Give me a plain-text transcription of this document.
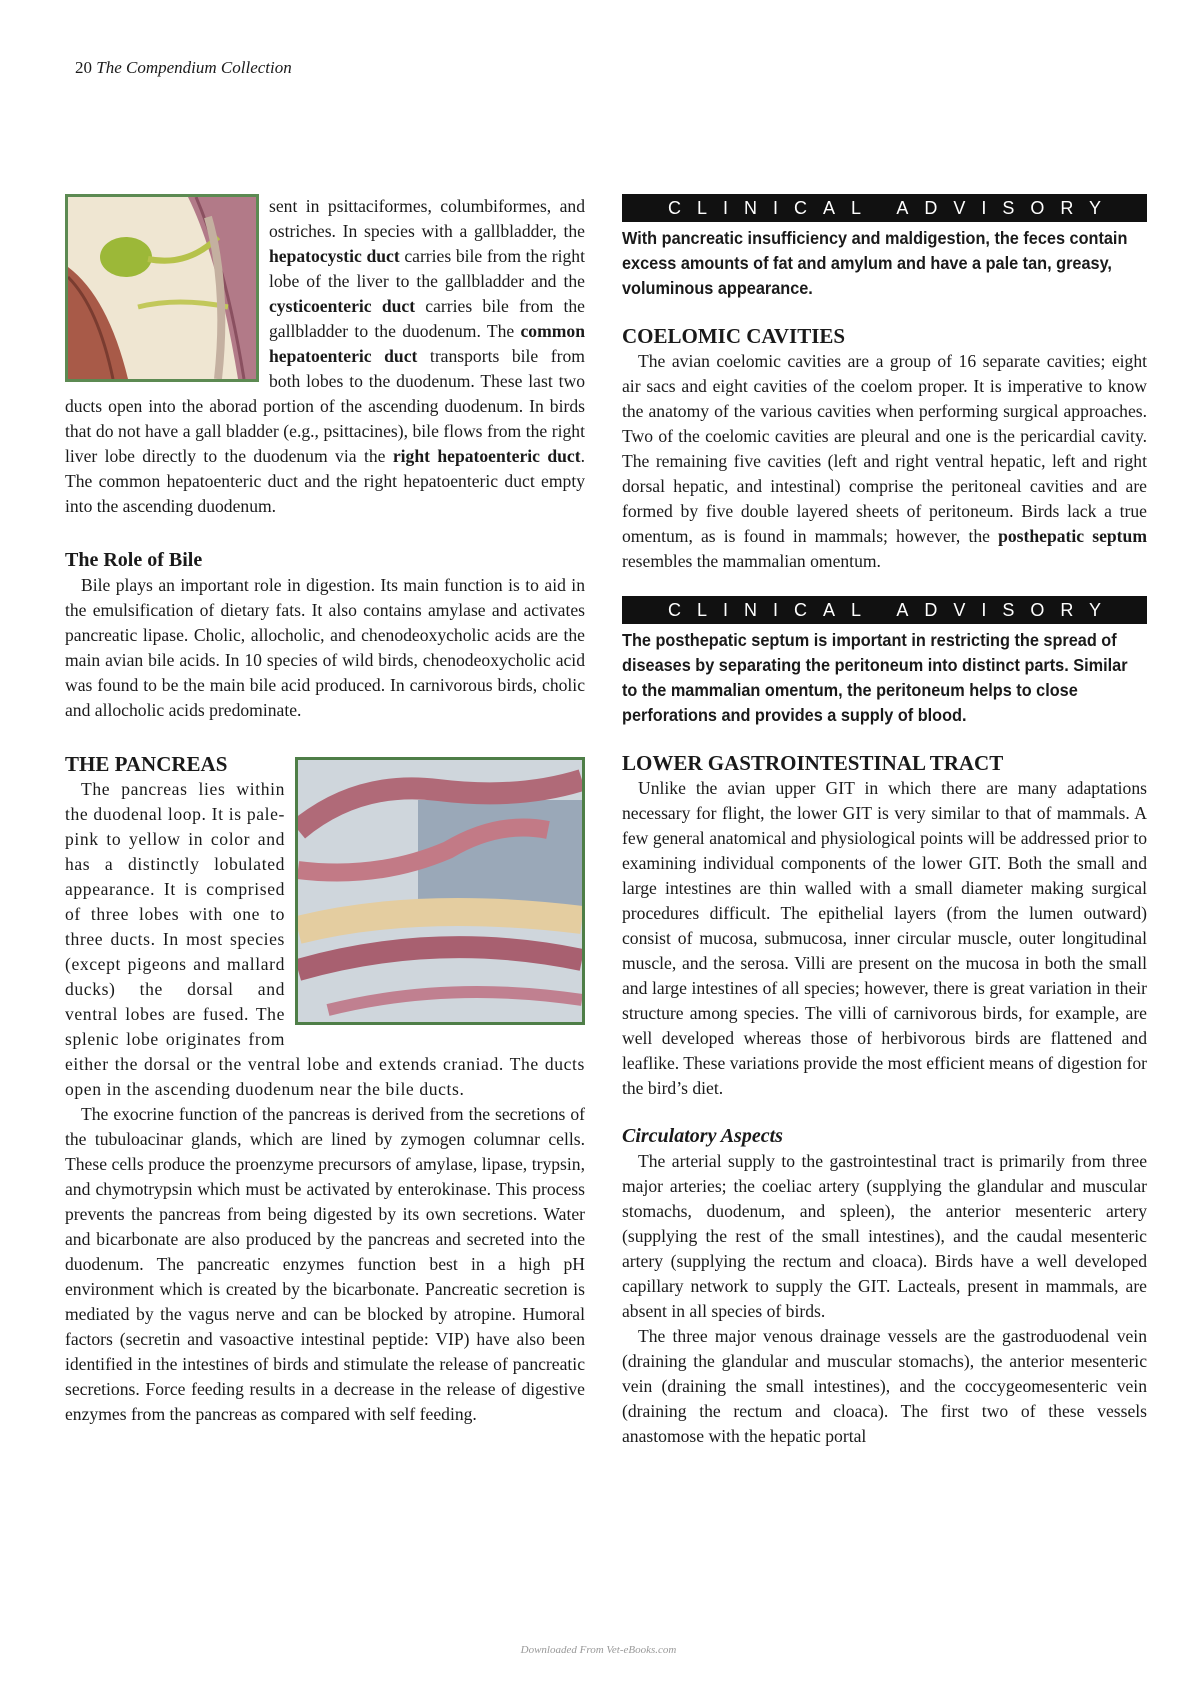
20 The Compendium Collection

sent in psittaciformes, columbiformes, and ostriches. In species with a gallbladder, the hepatocystic duct carries bile from the right lobe of the liver to the gallbladder and the cysticoenteric duct carries bile from the gallbladder to the duodenum. The common hepatoenteric duct transports bile from both lobes to the duodenum. These last two ducts open into the aborad portion of the ascending duodenum. In birds that do not have a gall bladder (e.g., psittacines), bile flows from the right liver lobe directly to the duodenum via the right hepatoenteric duct. The common hepatoenteric duct and the right hepatoenteric duct empty into the ascending duodenum.

The Role of Bile

Bile plays an important role in digestion. Its main function is to aid in the emulsification of dietary fats. It also contains amylase and activates pancreatic lipase. Cholic, allocholic, and chenodeoxycholic acids are the main avian bile acids. In 10 species of wild birds, chenodeoxycholic acid was found to be the main bile acid produced. In carnivorous birds, cholic and allocholic acids predominate.

THE PANCREAS

The pancreas lies within the duodenal loop. It is pale-pink to yellow in color and has a distinctly lobulated appearance. It is comprised of three lobes with one to three ducts. In most species (except pigeons and mallard ducks) the dorsal and ventral lobes are fused. The splenic lobe originates from either the dorsal or the ventral lobe and extends craniad. The ducts open in the ascending duodenum near the bile ducts.

The exocrine function of the pancreas is derived from the secretions of the tubuloacinar glands, which are lined by zymogen columnar cells. These cells produce the proenzyme precursors of amylase, lipase, trypsin, and chymotrypsin which must be activated by enterokinase. This process prevents the pancreas from being digested by its own secretions. Water and bicarbonate are also produced by the pancreas and secreted into the duodenum. The pancreatic enzymes function best in a high pH environment which is created by the bicarbonate. Pancreatic secretion is mediated by the vagus nerve and can be blocked by atropine. Humoral factors (secretin and vasoactive intestinal peptide: VIP) have also been identified in the intestines of birds and stimulate the release of pancreatic secretions. Force feeding results in a decrease in the release of digestive enzymes from the pancreas as compared with self feeding.

CLINICAL ADVISORY
With pancreatic insufficiency and maldigestion, the feces contain excess amounts of fat and amylum and have a pale tan, greasy, voluminous appearance.
COELOMIC CAVITIES

The avian coelomic cavities are a group of 16 separate cavities; eight air sacs and eight cavities of the coelom proper. It is imperative to know the anatomy of the various cavities when performing surgical approaches. Two of the coelomic cavities are pleural and one is the pericardial cavity. The remaining five cavities (left and right ventral hepatic, left and right dorsal hepatic, and intestinal) comprise the peritoneal cavities and are formed by five double layered sheets of peritoneum. Birds lack a true omentum, as is found in mammals; however, the posthepatic septum resembles the mammalian omentum.

CLINICAL ADVISORY
The posthepatic septum is important in restricting the spread of diseases by separating the peritoneum into distinct parts. Similar to the mammalian omentum, the peritoneum helps to close perforations and provides a supply of blood.
LOWER GASTROINTESTINAL TRACT

Unlike the avian upper GIT in which there are many adaptations necessary for flight, the lower GIT is very similar to that of mammals. A few general anatomical and physiological points will be addressed prior to examining individual components of the lower GIT. Both the small and large intestines are thin walled with a small diameter making surgical procedures difficult. The epithelial layers (from the lumen outward) consist of mucosa, submucosa, inner circular muscle, outer longitudinal muscle, and the serosa. Villi are present on the mucosa in both the small and large intestines of all species; however, there is great variation in their structure among species. The villi of carnivorous birds, for example, are well developed whereas those of herbivorous birds are flattened and leaflike. These variations provide the most efficient means of digestion for the bird’s diet.

Circulatory Aspects

The arterial supply to the gastrointestinal tract is primarily from three major arteries; the coeliac artery (supplying the glandular and muscular stomachs, duodenum, and spleen), the anterior mesenteric artery (supplying the rest of the small intestines), and the caudal mesenteric artery (supplying the rectum and cloaca). Birds have a well developed capillary network to supply the GIT. Lacteals, present in mammals, are absent in all species of birds.

The three major venous drainage vessels are the gastroduodenal vein (draining the glandular and muscular stomachs), the anterior mesenteric vein (draining the small intestines), and the coccygeomesenteric vein (draining the rectum and cloaca). The first two of these vessels anastomose with the hepatic portal

Downloaded From Vet-eBooks.com
